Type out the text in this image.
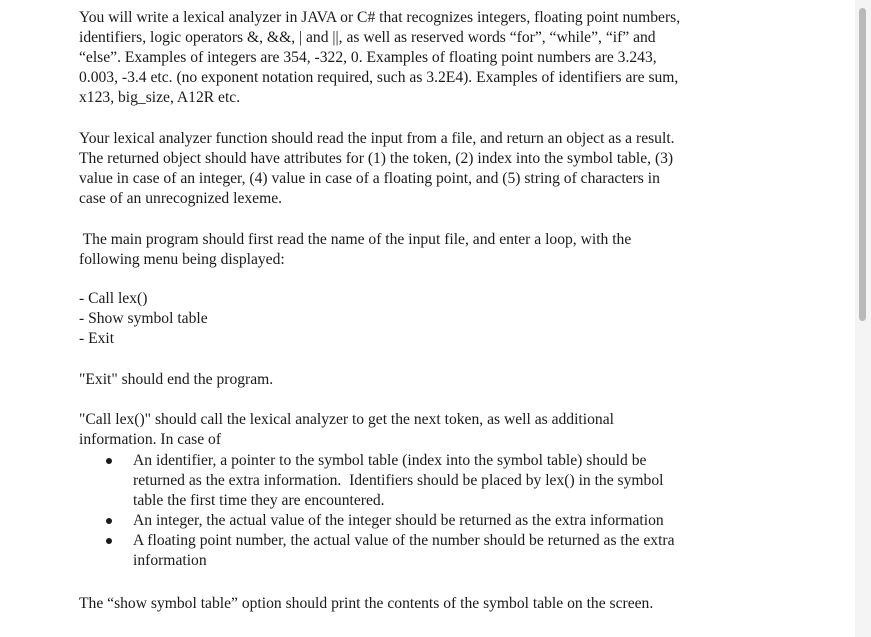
You will write a lexical analyzer in JAVA or C# that recognizes integers, floating point numbers,
identifiers, logic operators &, &&, | and ||, as well as reserved words “for”, “while”, “if” and
“else”. Examples of integers are 354, -322, 0. Examples of floating point numbers are 3.243,
0.003, -3.4 etc. (no exponent notation required, such as 3.2E4). Examples of identifiers are sum,
x123, big_size, A12R etc.

Your lexical analyzer function should read the input from a file, and return an object as a result.
The returned object should have attributes for (1) the token, (2) index into the symbol table, (3)
value in case of an integer, (4) value in case of a floating point, and (5) string of characters in
case of an unrecognized lexeme.

The main program should first read the name of the input file, and enter a loop, with the
following menu being displayed:

- Call lex()
- Show symbol table
- Exit

"Exit" should end the program.

"Call lex()" should call the lexical analyzer to get the next token, as well as additional
information. In case of

An identifier, a pointer to the symbol table (index into the symbol table) should be
returned as the extra information.  Identifiers should be placed by lex() in the symbol
table the first time they are encountered.
An integer, the actual value of the integer should be returned as the extra information
A floating point number, the actual value of the number should be returned as the extra
information

The “show symbol table” option should print the contents of the symbol table on the screen.
